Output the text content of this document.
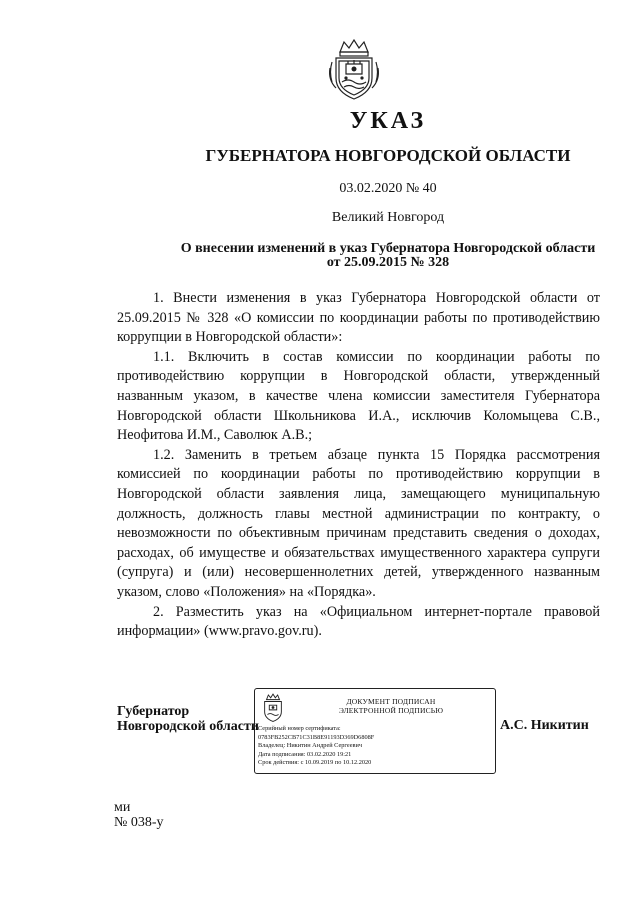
УКАЗ
ГУБЕРНАТОРА НОВГОРОДСКОЙ ОБЛАСТИ
03.02.2020 № 40
Великий Новгород
О внесении изменений в указ Губернатора Новгородской области
от 25.09.2015 № 328

1. Внести изменения в указ Губернатора Новгородской области от 25.09.2015 № 328 «О комиссии по координации работы по противодействию коррупции в Новгородской области»:

1.1. Включить в состав комиссии по координации работы по противодействию коррупции в Новгородской области, утвержденный названным указом, в качестве члена комиссии заместителя Губернатора Новгородской области Школьникова И.А., исключив Коломыцева С.В., Неофитова И.М., Саволюк А.В.;

1.2. Заменить в третьем абзаце пункта 15 Порядка рассмотрения комиссией по координации работы по противодействию коррупции в Новгородской области заявления лица, замещающего муниципальную должность, должность главы местной администрации по контракту, о невозможности по объективным причинам представить сведения о доходах, расходах, об имуществе и обязательствах имущественного характера супруги (супруга) и (или) несовершеннолетних детей, утвержденного названным указом, слово «Положения» на «Порядка».

2. Разместить указ на «Официальном интернет-портале правовой информации» (www.pravo.gov.ru).

Губернатор
Новгородской области
ДОКУМЕНТ ПОДПИСАН
ЭЛЕКТРОННОЙ ПОДПИСЬЮ
Серийный номер сертификата:
0783FB252CB71C31B8E91193D369D6808F
Владелец: Никитин Андрей Сергеевич
Дата подписания: 03.02.2020 19:21
Срок действия: с 10.09.2019 по 10.12.2020
А.С. Никитин
ми
№ 038-у
